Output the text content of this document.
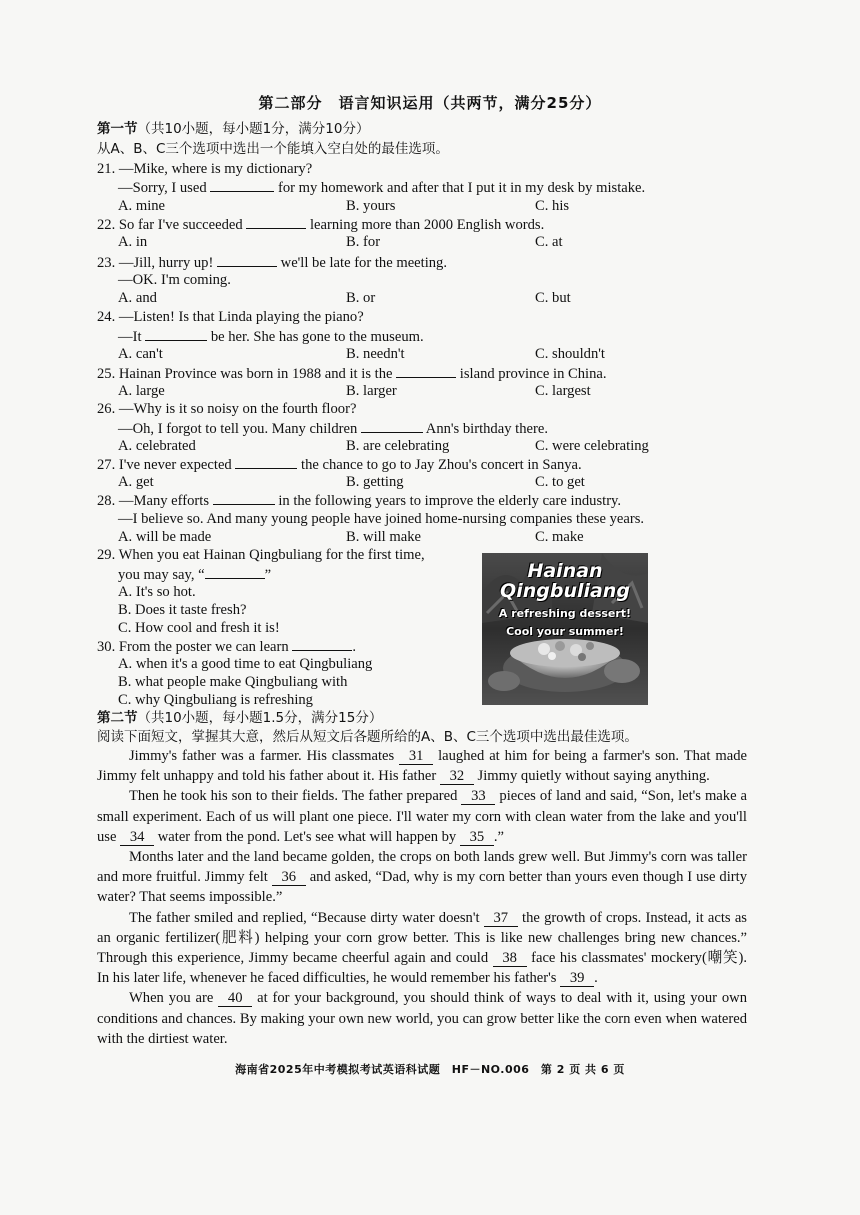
第二部分　语言知识运用（共两节，满分25分）
第一节（共10小题，每小题1分，满分10分）
从A、B、C三个选项中选出一个能填入空白处的最佳选项。
21. —Mike, where is my dictionary?
—Sorry, I used	for my homework and after that I put it in my desk by mistake.
A. mine	B. yours	C. his
22. So far I've succeeded	learning more than 2000 English words.
A. in	B. for	C. at
23. —Jill, hurry up!	we'll be late for the meeting.
—OK. I'm coming.
A. and	B. or	C. but
24. —Listen! Is that Linda playing the piano?
—It	be her. She has gone to the museum.
A. can't	B. needn't	C. shouldn't
25. Hainan Province was born in 1988 and it is the	island province in China.
A. large	B. larger	C. largest
26. —Why is it so noisy on the fourth floor?
—Oh, I forgot to tell you. Many children	Ann's birthday there.
A. celebrated	B. are celebrating	C. were celebrating
27. I've never expected	the chance to go to Jay Zhou's concert in Sanya.
A. get	B. getting	C. to get
28. —Many efforts	in the following years to improve the elderly care industry.
—I believe so. And many young people have joined home-nursing companies these years.
A. will be made	B. will make	C. make
29. When you eat Hainan Qingbuliang for the first time,
you may say, “	”
A. It's so hot.
B. Does it taste fresh?
C. How cool and fresh it is!
30. From the poster we can learn	.
A. when it's a good time to eat Qingbuliang
B. what people make Qingbuliang with
C. why Qingbuliang is refreshing
Hainan
Qingbuliang
A refreshing dessert!
Cool your summer!
第二节（共10小题，每小题1.5分，满分15分）
阅读下面短文，掌握其大意，然后从短文后各题所给的A、B、C三个选项中选出最佳选项。
Jimmy's father was a farmer. His classmates 31 laughed at him for being a farmer's son. That made Jimmy felt unhappy and told his father about it. His father 32 Jimmy quietly without saying anything.
Then he took his son to their fields. The father prepared 33 pieces of land and said, “Son, let's make a small experiment. Each of us will plant one piece. I'll water my corn with clean water from the lake and you'll use 34 water from the pond. Let's see what will happen by 35 .”
Months later and the land became golden, the crops on both lands grew well. But Jimmy's corn was taller and more fruitful. Jimmy felt 36 and asked, “Dad, why is my corn better than yours even though I use dirty water? That seems impossible.”
The father smiled and replied, “Because dirty water doesn't 37 the growth of crops. Instead, it acts as an organic fertilizer(肥料) helping your corn grow better. This is like new challenges bring new chances.” Through this experience, Jimmy became cheerful again and could 38 face his classmates' mockery(嘲笑). In his later life, whenever he faced difficulties, he would remember his father's 39 .
When you are 40 at for your background, you should think of ways to deal with it, using your own conditions and chances. By making your own new world, you can grow better like the corn even when watered with the dirtiest water.
海南省2025年中考模拟考试英语科试题　HF－NO.006　第 2 页 共 6 页
